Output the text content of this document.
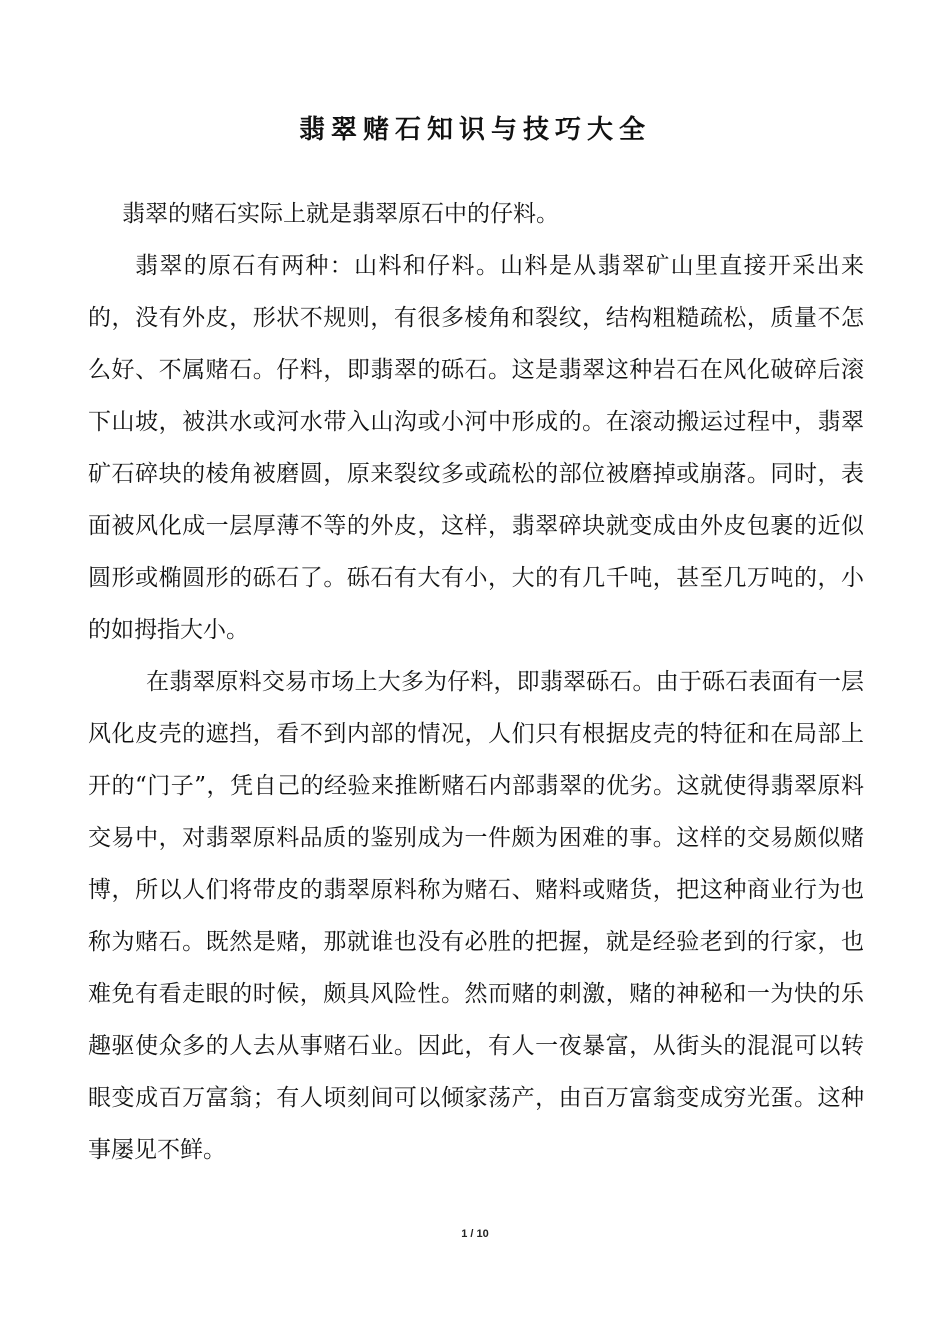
翡翠赌石知识与技巧大全

翡翠的赌石实际上就是翡翠原石中的仔料。

翡翠的原石有两种：山料和仔料。山料是从翡翠矿山里直接开采出来的，没有外皮，形状不规则，有很多棱角和裂纹，结构粗糙疏松，质量不怎么好、不属赌石。仔料，即翡翠的砾石。这是翡翠这种岩石在风化破碎后滚下山坡，被洪水或河水带入山沟或小河中形成的。在滚动搬运过程中，翡翠矿石碎块的棱角被磨圆，原来裂纹多或疏松的部位被磨掉或崩落。同时，表面被风化成一层厚薄不等的外皮，这样，翡翠碎块就变成由外皮包裹的近似圆形或椭圆形的砾石了。砾石有大有小，大的有几千吨，甚至几万吨的，小的如拇指大小。

在翡翠原料交易市场上大多为仔料，即翡翠砾石。由于砾石表面有一层风化皮壳的遮挡，看不到内部的情况，人们只有根据皮壳的特征和在局部上开的“门子”，凭自己的经验来推断赌石内部翡翠的优劣。这就使得翡翠原料交易中，对翡翠原料品质的鉴别成为一件颇为困难的事。这样的交易颇似赌博，所以人们将带皮的翡翠原料称为赌石、赌料或赌货，把这种商业行为也称为赌石。既然是赌，那就谁也没有必胜的把握，就是经验老到的行家，也难免有看走眼的时候，颇具风险性。然而赌的刺激，赌的神秘和一为快的乐趣驱使众多的人去从事赌石业。因此，有人一夜暴富，从街头的混混可以转眼变成百万富翁；有人顷刻间可以倾家荡产，由百万富翁变成穷光蛋。这种事屡见不鲜。

1 / 10
